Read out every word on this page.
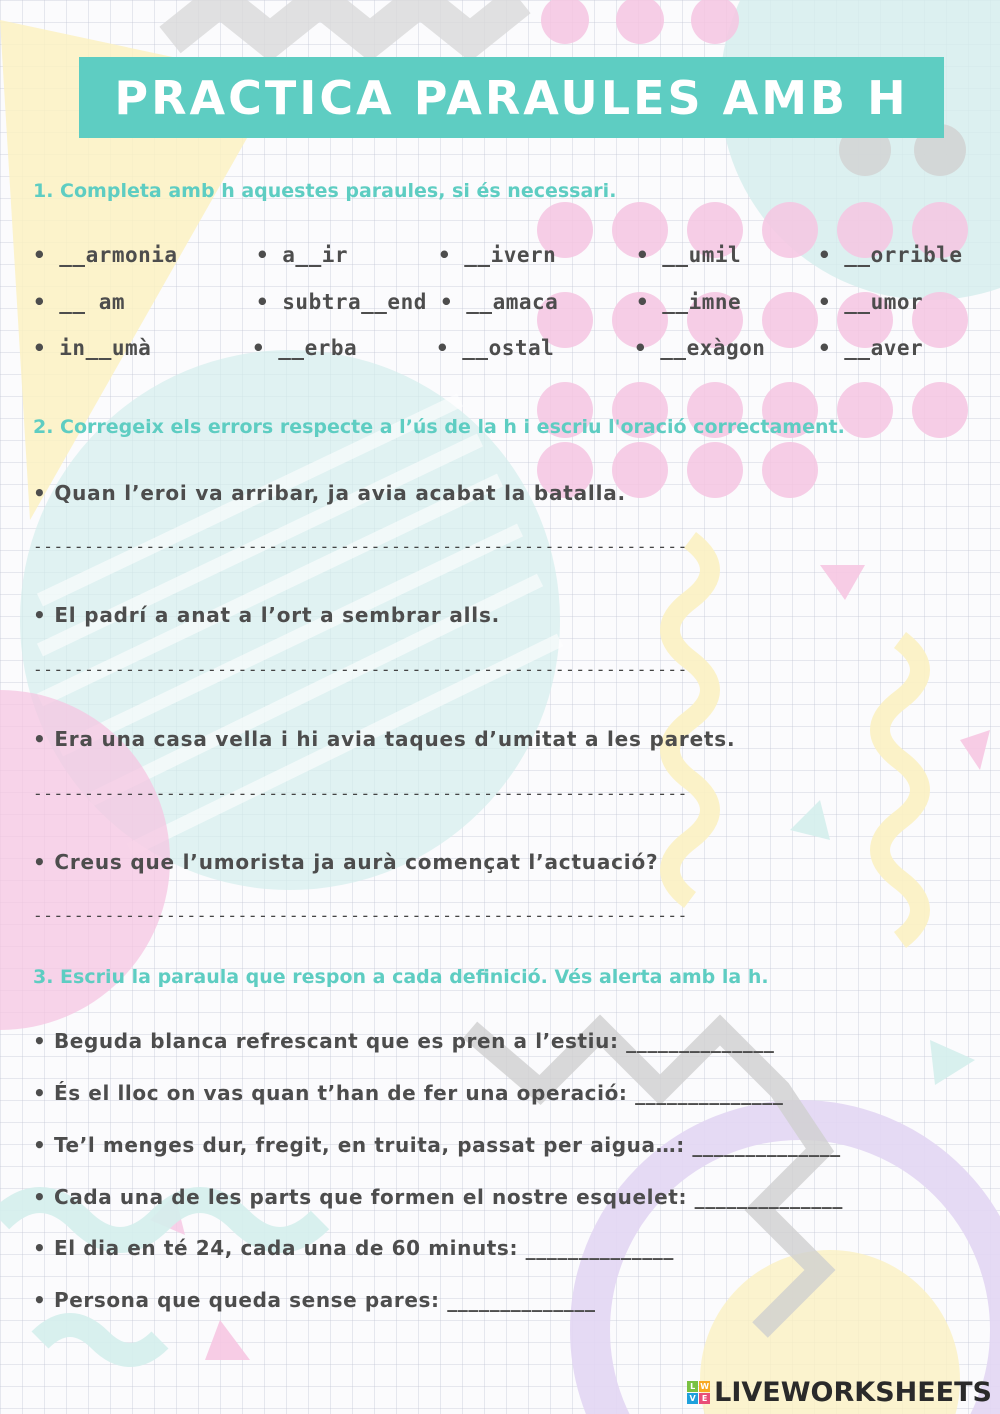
PRACTICA PARAULES AMB H
1. Completa amb h aquestes paraules, si és necessari.
• __armonia	• a__ir	• __ivern	• __umil	• __orrible
• __ am	• subtra__end • __amaca	• __imne	• __umor
• in__umà	• __erba	• __ostal	• __exàgon	• __aver
2. Corregeix els errors respecte a l’ús de la h i escriu l'oració correctament.
• Quan l’eroi va arribar, ja avia acabat la batalla.
----------------------------------------------------------------
• El padrí a anat a l’ort a sembrar alls.
----------------------------------------------------------------
• Era una casa vella i hi avia taques d’umitat a les parets.
----------------------------------------------------------------
• Creus que l’umorista ja aurà començat l’actuació?
----------------------------------------------------------------
3. Escriu la paraula que respon a cada definició. Vés alerta amb la h.
• Beguda blanca refrescant que es pren a l’estiu: ______________
• És el lloc on vas quan t’han de fer una operació: ______________
• Te’l menges dur, fregit, en truita, passat per aigua…: ______________
• Cada una de les parts que formen el nostre esquelet: ______________
• El dia en té 24, cada una de 60 minuts: ______________
• Persona que queda sense pares: ______________
L W
V E LIVEWORKSHEETS
